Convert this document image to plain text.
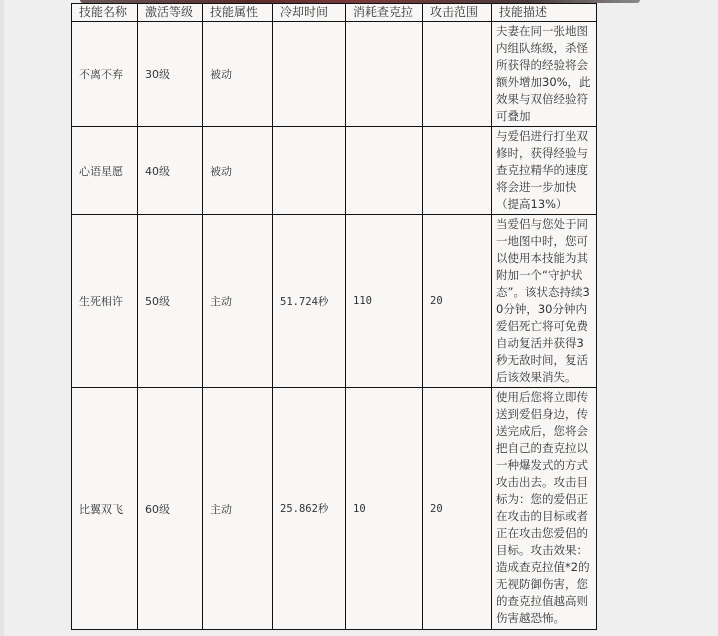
技能名称	激活等级	技能属性	冷却时间	消耗查克拉	攻击范围	技能描述
不离不弃	30级	被动				夫妻在同一张地图内组队练级，杀怪所获得的经验将会额外增加30%，此效果与双倍经验符可叠加
心语星愿	40级	被动				与爱侣进行打坐双修时，获得经验与查克拉精华的速度将会进一步加快（提高13%）
生死相许	50级	主动	51.724秒	110	20	当爱侣与您处于同一地图中时，您可以使用本技能为其附加一个“守护状态”。该状态持续30分钟，30分钟内爱侣死亡将可免费自动复活并获得3秒无敌时间，复活后该效果消失。
比翼双飞	60级	主动	25.862秒	10	20	使用后您将立即传送到爱侣身边，传送完成后，您将会把自己的查克拉以一种爆发式的方式攻击出去。攻击目标为：您的爱侣正在攻击的目标或者正在攻击您爱侣的目标。攻击效果：造成查克拉值*2的无视防御伤害，您的查克拉值越高则伤害越恐怖。
